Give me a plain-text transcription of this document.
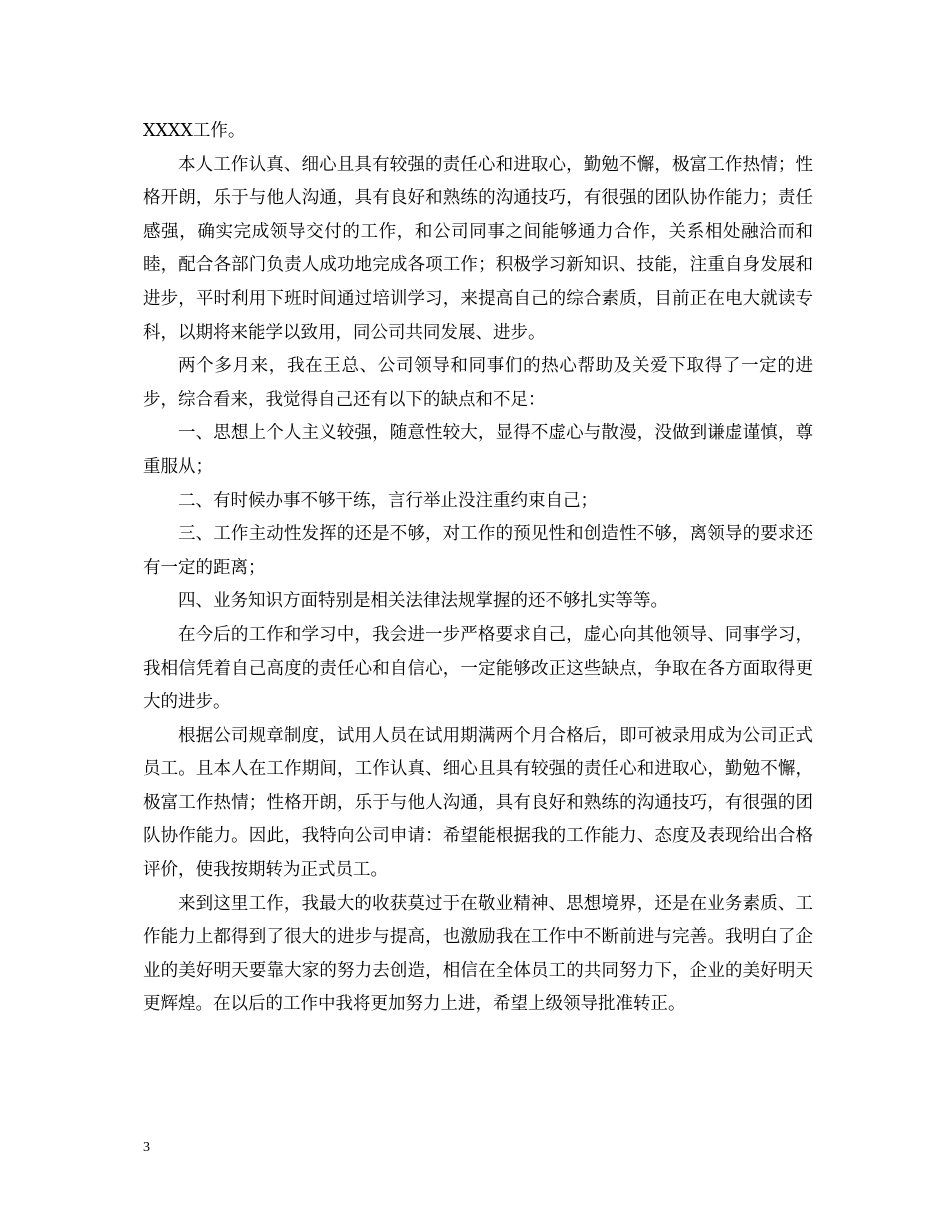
XXXX工作。

本人工作认真、细心且具有较强的责任心和进取心，勤勉不懈，极富工作热情；性格开朗，乐于与他人沟通，具有良好和熟练的沟通技巧，有很强的团队协作能力；责任感强，确实完成领导交付的工作，和公司同事之间能够通力合作，关系相处融洽而和睦，配合各部门负责人成功地完成各项工作；积极学习新知识、技能，注重自身发展和进步，平时利用下班时间通过培训学习，来提高自己的综合素质，目前正在电大就读专科，以期将来能学以致用，同公司共同发展、进步。

两个多月来，我在王总、公司领导和同事们的热心帮助及关爱下取得了一定的进步，综合看来，我觉得自己还有以下的缺点和不足：

一、思想上个人主义较强，随意性较大，显得不虚心与散漫，没做到谦虚谨慎，尊重服从；

二、有时候办事不够干练，言行举止没注重约束自己；

三、工作主动性发挥的还是不够，对工作的预见性和创造性不够，离领导的要求还有一定的距离；

四、业务知识方面特别是相关法律法规掌握的还不够扎实等等。

在今后的工作和学习中，我会进一步严格要求自己，虚心向其他领导、同事学习，我相信凭着自己高度的责任心和自信心，一定能够改正这些缺点，争取在各方面取得更大的进步。

根据公司规章制度，试用人员在试用期满两个月合格后，即可被录用成为公司正式员工。且本人在工作期间，工作认真、细心且具有较强的责任心和进取心，勤勉不懈，极富工作热情；性格开朗，乐于与他人沟通，具有良好和熟练的沟通技巧，有很强的团队协作能力。因此，我特向公司申请：希望能根据我的工作能力、态度及表现给出合格评价，使我按期转为正式员工。

来到这里工作，我最大的收获莫过于在敬业精神、思想境界，还是在业务素质、工作能力上都得到了很大的进步与提高，也激励我在工作中不断前进与完善。我明白了企业的美好明天要靠大家的努力去创造，相信在全体员工的共同努力下，企业的美好明天更辉煌。在以后的工作中我将更加努力上进，希望上级领导批准转正。

3
